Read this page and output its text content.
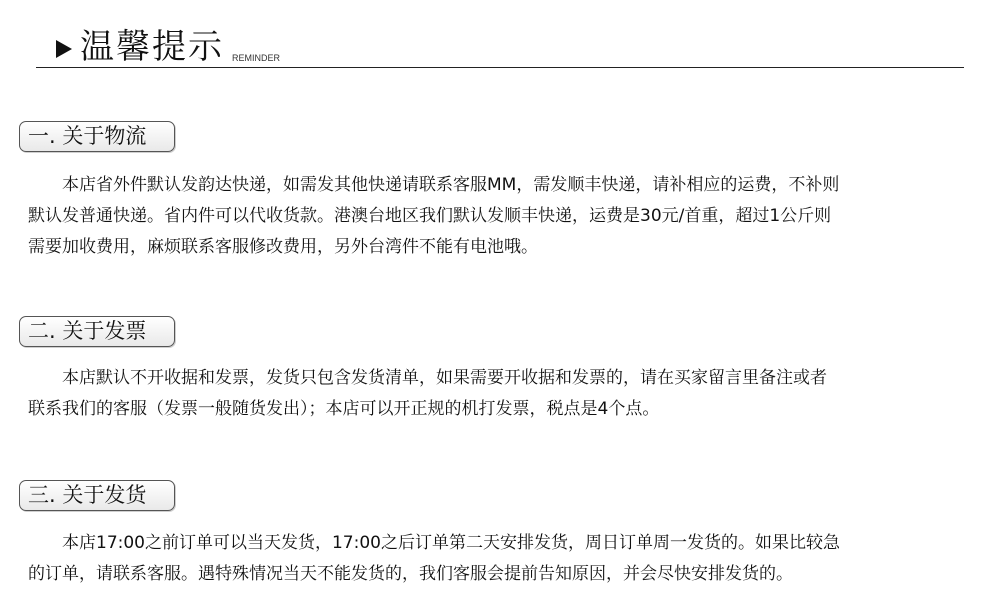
温馨提示 REMINDER
一. 关于物流
　　本店省外件默认发韵达快递，如需发其他快递请联系客服MM，需发顺丰快递，请补相应的运费，不补则
默认发普通快递。省内件可以代收货款。港澳台地区我们默认发顺丰快递，运费是30元/首重，超过1公斤则
需要加收费用，麻烦联系客服修改费用，另外台湾件不能有电池哦。
二. 关于发票
　　本店默认不开收据和发票，发货只包含发货清单，如果需要开收据和发票的，请在买家留言里备注或者
联系我们的客服（发票一般随货发出）；本店可以开正规的机打发票，税点是4个点。
三. 关于发货
　　本店17:00之前订单可以当天发货，17:00之后订单第二天安排发货，周日订单周一发货的。如果比较急
的订单，请联系客服。遇特殊情况当天不能发货的，我们客服会提前告知原因，并会尽快安排发货的。
